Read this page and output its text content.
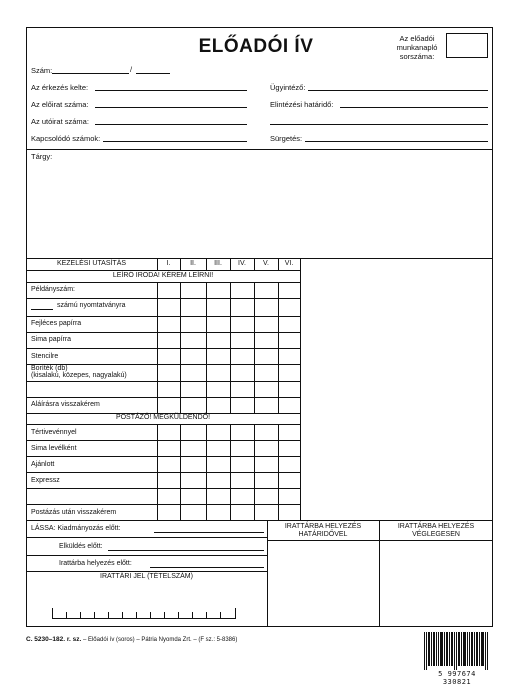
ELŐADÓI ÍV	Az előadói
munkanapló
sorszáma:
Szám:	/
Az érkezés kelte:
Az előirat száma:
Az utóirat száma:
Kapcsolódó számok:
Ügyintéző:
Elintézési határidő:
Sürgetés:
Tárgy:
KEZELÉSI UTASÍTÁS	I.	II.	III.	IV.	V.	VI.
LEÍRÓ IRODA! KÉREM LEÍRNI!
Példányszám:
számú nyomtatványra
Fejléces papírra
Sima papírra
Stencilre
Boríték (db)
(kisalakú, közepes, nagyalakú)
Aláírásra visszakérem
POSTÁZÓ! MEGKÜLDENDŐ!
Tértivevénnyel
Sima levélként
Ajánlott
Expressz
Postázás után visszakérem
LÁSSA: Kiadmányozás előtt:
Elküldés előtt:
Irattárba helyezés előtt:
IRATTÁRI JEL (TÉTELSZÁM)
IRATTÁRBA HELYEZÉS
HATÁRIDŐVEL
IRATTÁRBA HELYEZÉS
VÉGLEGESEN
C. 5230–182. r. sz. – Előadói ív (soros) – Pátria Nyomda Zrt. – (F sz.: 5-8386)
5 997674 330821
